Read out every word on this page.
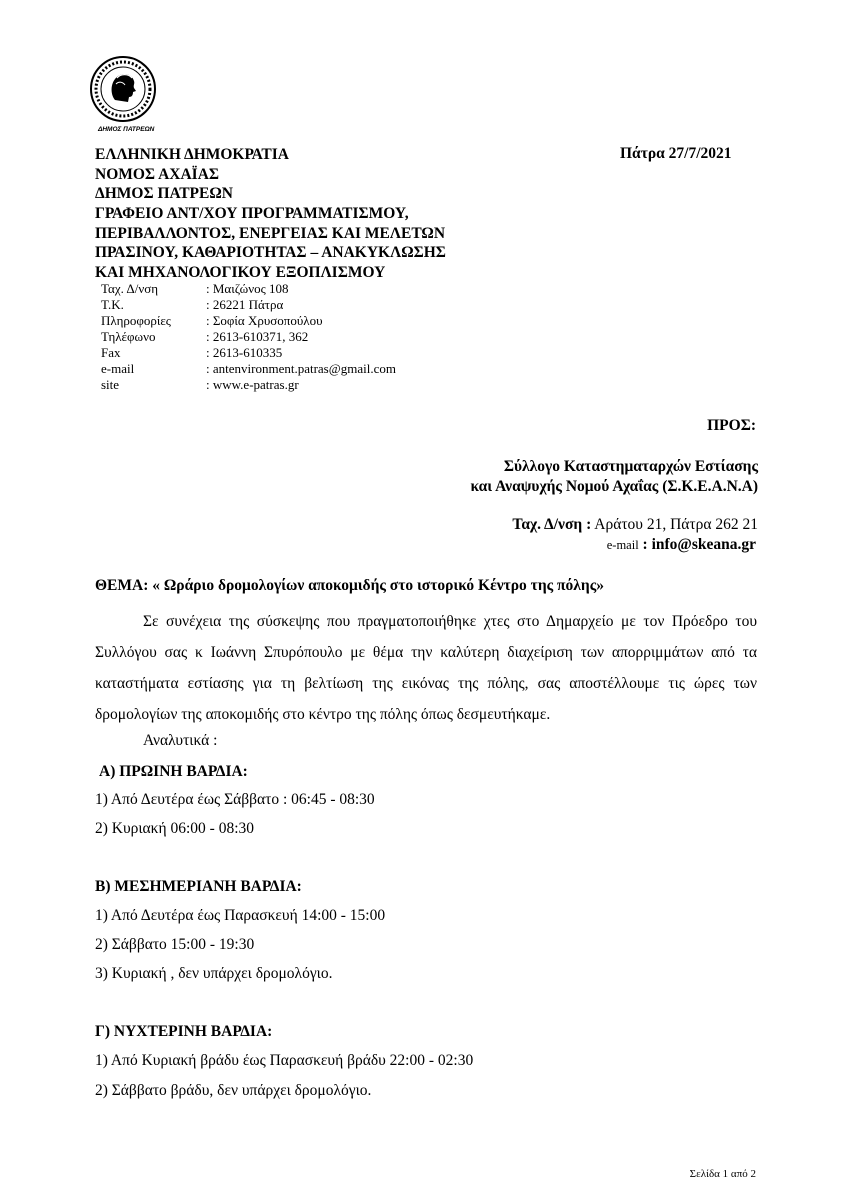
ΔΗΜΟΣ ΠΑΤΡΕΩΝ
ΕΛΛΗΝΙΚΗ ΔΗΜΟΚΡΑΤΙΑ
ΝΟΜΟΣ ΑΧΑΪΑΣ
ΔΗΜΟΣ ΠΑΤΡΕΩΝ
ΓΡΑΦΕΙΟ ΑΝΤ/ΧΟΥ ΠΡΟΓΡΑΜΜΑΤΙΣΜΟΥ,
ΠΕΡΙΒΑΛΛΟΝΤΟΣ, ΕΝΕΡΓΕΙΑΣ ΚΑΙ ΜΕΛΕΤΩΝ
ΠΡΑΣΙΝΟΥ, ΚΑΘΑΡΙΟΤΗΤΑΣ – ΑΝΑΚΥΚΛΩΣΗΣ
ΚΑΙ ΜΗΧΑΝΟΛΟΓΙΚΟΥ ΕΞΟΠΛΙΣΜΟΥ
Πάτρα 27/7/2021
Ταχ. Δ/νση	: Μαιζώνος 108
Τ.Κ.	: 26221 Πάτρα
Πληροφορίες	: Σοφία Χρυσοπούλου
Τηλέφωνο	: 2613-610371, 362
Fax	: 2613-610335
e-mail	: antenvironment.patras@gmail.com
site	: www.e-patras.gr
ΠΡΟΣ:
Σύλλογο Καταστηματαρχών Εστίασης
και Αναψυχής Νομού Αχαΐας (Σ.Κ.Ε.Α.Ν.Α)
Ταχ. Δ/νση : Αράτου 21, Πάτρα 262 21
e-mail : info@skeana.gr
ΘΕΜΑ: « Ωράριο δρομολογίων αποκομιδής στο ιστορικό Κέντρο της πόλης»
Σε συνέχεια της σύσκεψης που πραγματοποιήθηκε χτες στο Δημαρχείο με τον Πρόεδρο του Συλλόγου σας κ Ιωάννη Σπυρόπουλο με θέμα την καλύτερη διαχείριση των απορριμμάτων από τα καταστήματα εστίασης για τη βελτίωση της εικόνας της πόλης, σας αποστέλλουμε τις ώρες των δρομολογίων της αποκομιδής στο κέντρο της πόλης όπως δεσμευτήκαμε.
Αναλυτικά :
Α) ΠΡΩΙΝΗ ΒΑΡΔΙΑ:
1) Από Δευτέρα έως Σάββατο : 06:45 - 08:30
2) Κυριακή 06:00 - 08:30
Β) ΜΕΣΗΜΕΡΙΑΝΗ ΒΑΡΔΙΑ:
1) Από Δευτέρα έως Παρασκευή 14:00 - 15:00
2) Σάββατο 15:00 - 19:30
3) Κυριακή , δεν υπάρχει δρομολόγιο.
Γ) ΝΥΧΤΕΡΙΝΗ ΒΑΡΔΙΑ:
1) Από Κυριακή βράδυ έως Παρασκευή βράδυ 22:00 - 02:30
2) Σάββατο βράδυ, δεν υπάρχει δρομολόγιο.
Σελίδα 1 από 2
